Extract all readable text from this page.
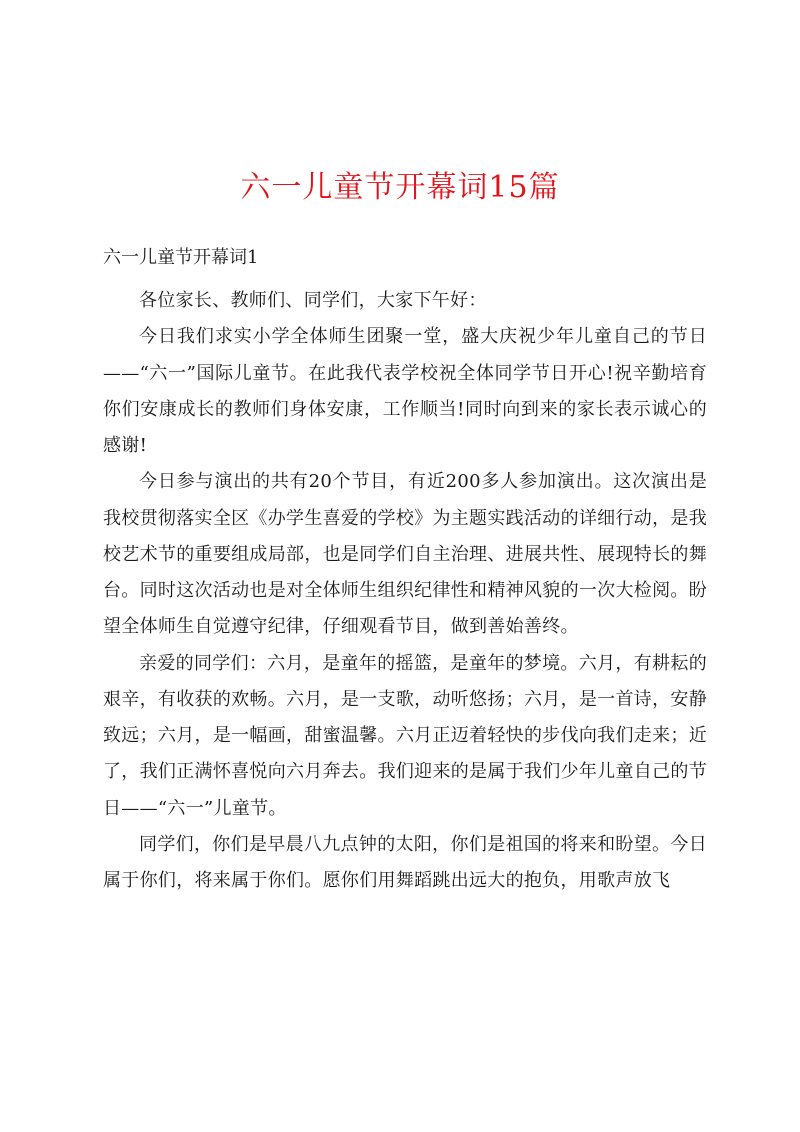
六一儿童节开幕词15篇
六一儿童节开幕词1

各位家长、教师们、同学们，大家下午好：

今日我们求实小学全体师生团聚一堂，盛大庆祝少年儿童自己的节日——“六一”国际儿童节。在此我代表学校祝全体同学节日开心!祝辛勤培育你们安康成长的教师们身体安康，工作顺当!同时向到来的家长表示诚心的感谢!

今日参与演出的共有20个节目，有近200多人参加演出。这次演出是我校贯彻落实全区《办学生喜爱的学校》为主题实践活动的详细行动，是我校艺术节的重要组成局部，也是同学们自主治理、进展共性、展现特长的舞台。同时这次活动也是对全体师生组织纪律性和精神风貌的一次大检阅。盼望全体师生自觉遵守纪律，仔细观看节目，做到善始善终。

亲爱的同学们：六月，是童年的摇篮，是童年的梦境。六月，有耕耘的艰辛，有收获的欢畅。六月，是一支歌，动听悠扬；六月，是一首诗，安静致远；六月，是一幅画，甜蜜温馨。六月正迈着轻快的步伐向我们走来；近了，我们正满怀喜悦向六月奔去。我们迎来的是属于我们少年儿童自己的节日——“六一”儿童节。

同学们，你们是早晨八九点钟的太阳，你们是祖国的将来和盼望。今日属于你们，将来属于你们。愿你们用舞蹈跳出远大的抱负，用歌声放飞
